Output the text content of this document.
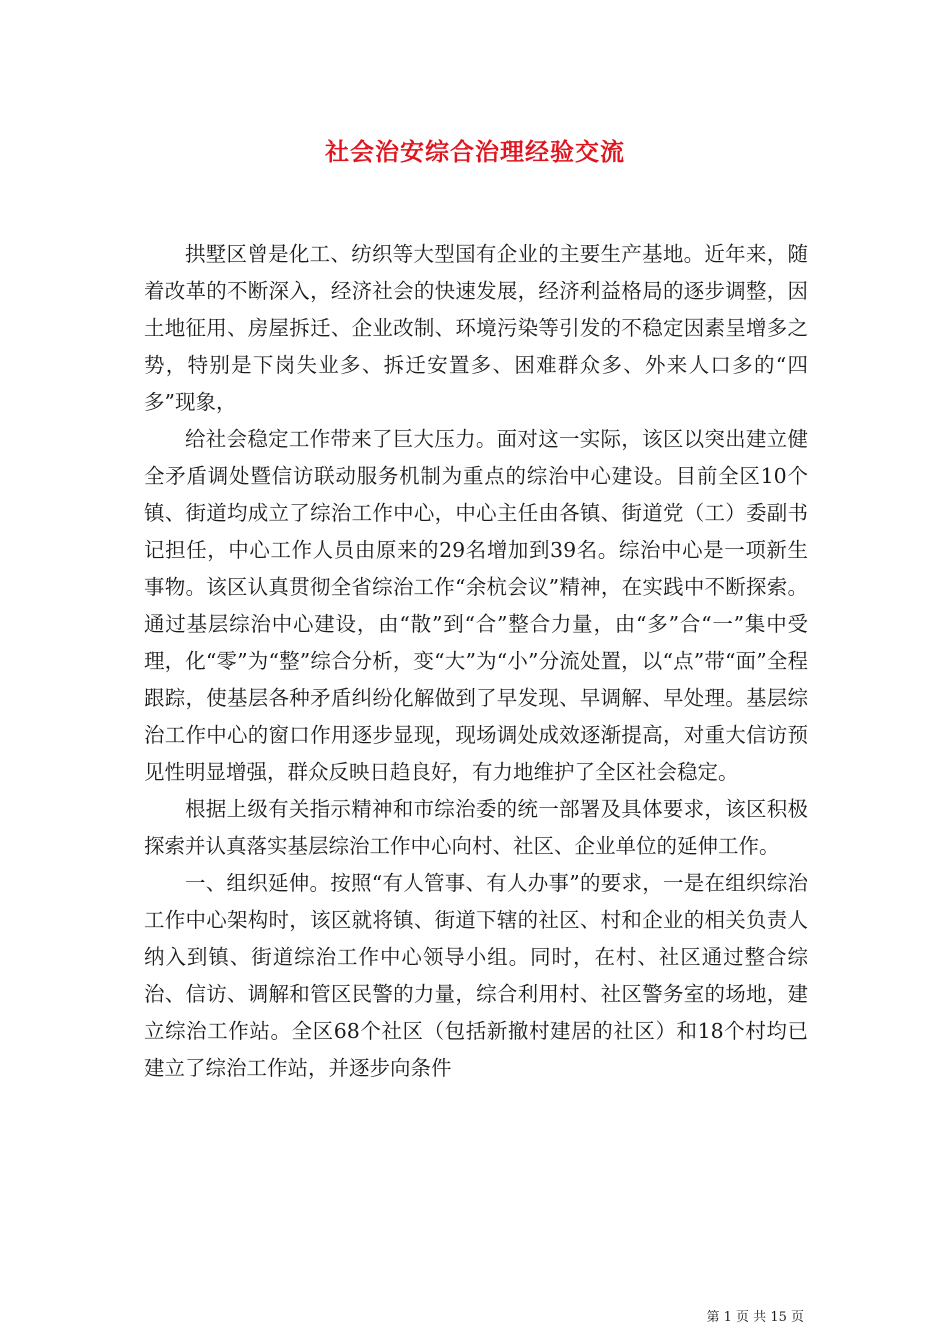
社会治安综合治理经验交流

拱墅区曾是化工、纺织等大型国有企业的主要生产基地。近年来，随着改革的不断深入，经济社会的快速发展，经济利益格局的逐步调整，因土地征用、房屋拆迁、企业改制、环境污染等引发的不稳定因素呈增多之势，特别是下岗失业多、拆迁安置多、困难群众多、外来人口多的“四多”现象，

给社会稳定工作带来了巨大压力。面对这一实际，该区以突出建立健全矛盾调处暨信访联动服务机制为重点的综治中心建设。目前全区10个镇、街道均成立了综治工作中心，中心主任由各镇、街道党（工）委副书记担任，中心工作人员由原来的29名增加到39名。综治中心是一项新生事物。该区认真贯彻全省综治工作“余杭会议”精神，在实践中不断探索。通过基层综治中心建设，由“散”到“合”整合力量，由“多”合“一”集中受理，化“零”为“整”综合分析，变“大”为“小”分流处置，以“点”带“面”全程跟踪，使基层各种矛盾纠纷化解做到了早发现、早调解、早处理。基层综治工作中心的窗口作用逐步显现，现场调处成效逐渐提高，对重大信访预见性明显增强，群众反映日趋良好，有力地维护了全区社会稳定。

根据上级有关指示精神和市综治委的统一部署及具体要求，该区积极探索并认真落实基层综治工作中心向村、社区、企业单位的延伸工作。

一、组织延伸。按照“有人管事、有人办事”的要求，一是在组织综治工作中心架构时，该区就将镇、街道下辖的社区、村和企业的相关负责人纳入到镇、街道综治工作中心领导小组。同时，在村、社区通过整合综治、信访、调解和管区民警的力量，综合利用村、社区警务室的场地，建立综治工作站。全区68个社区（包括新撤村建居的社区）和18个村均已建立了综治工作站，并逐步向条件

第 1 页 共 15 页
